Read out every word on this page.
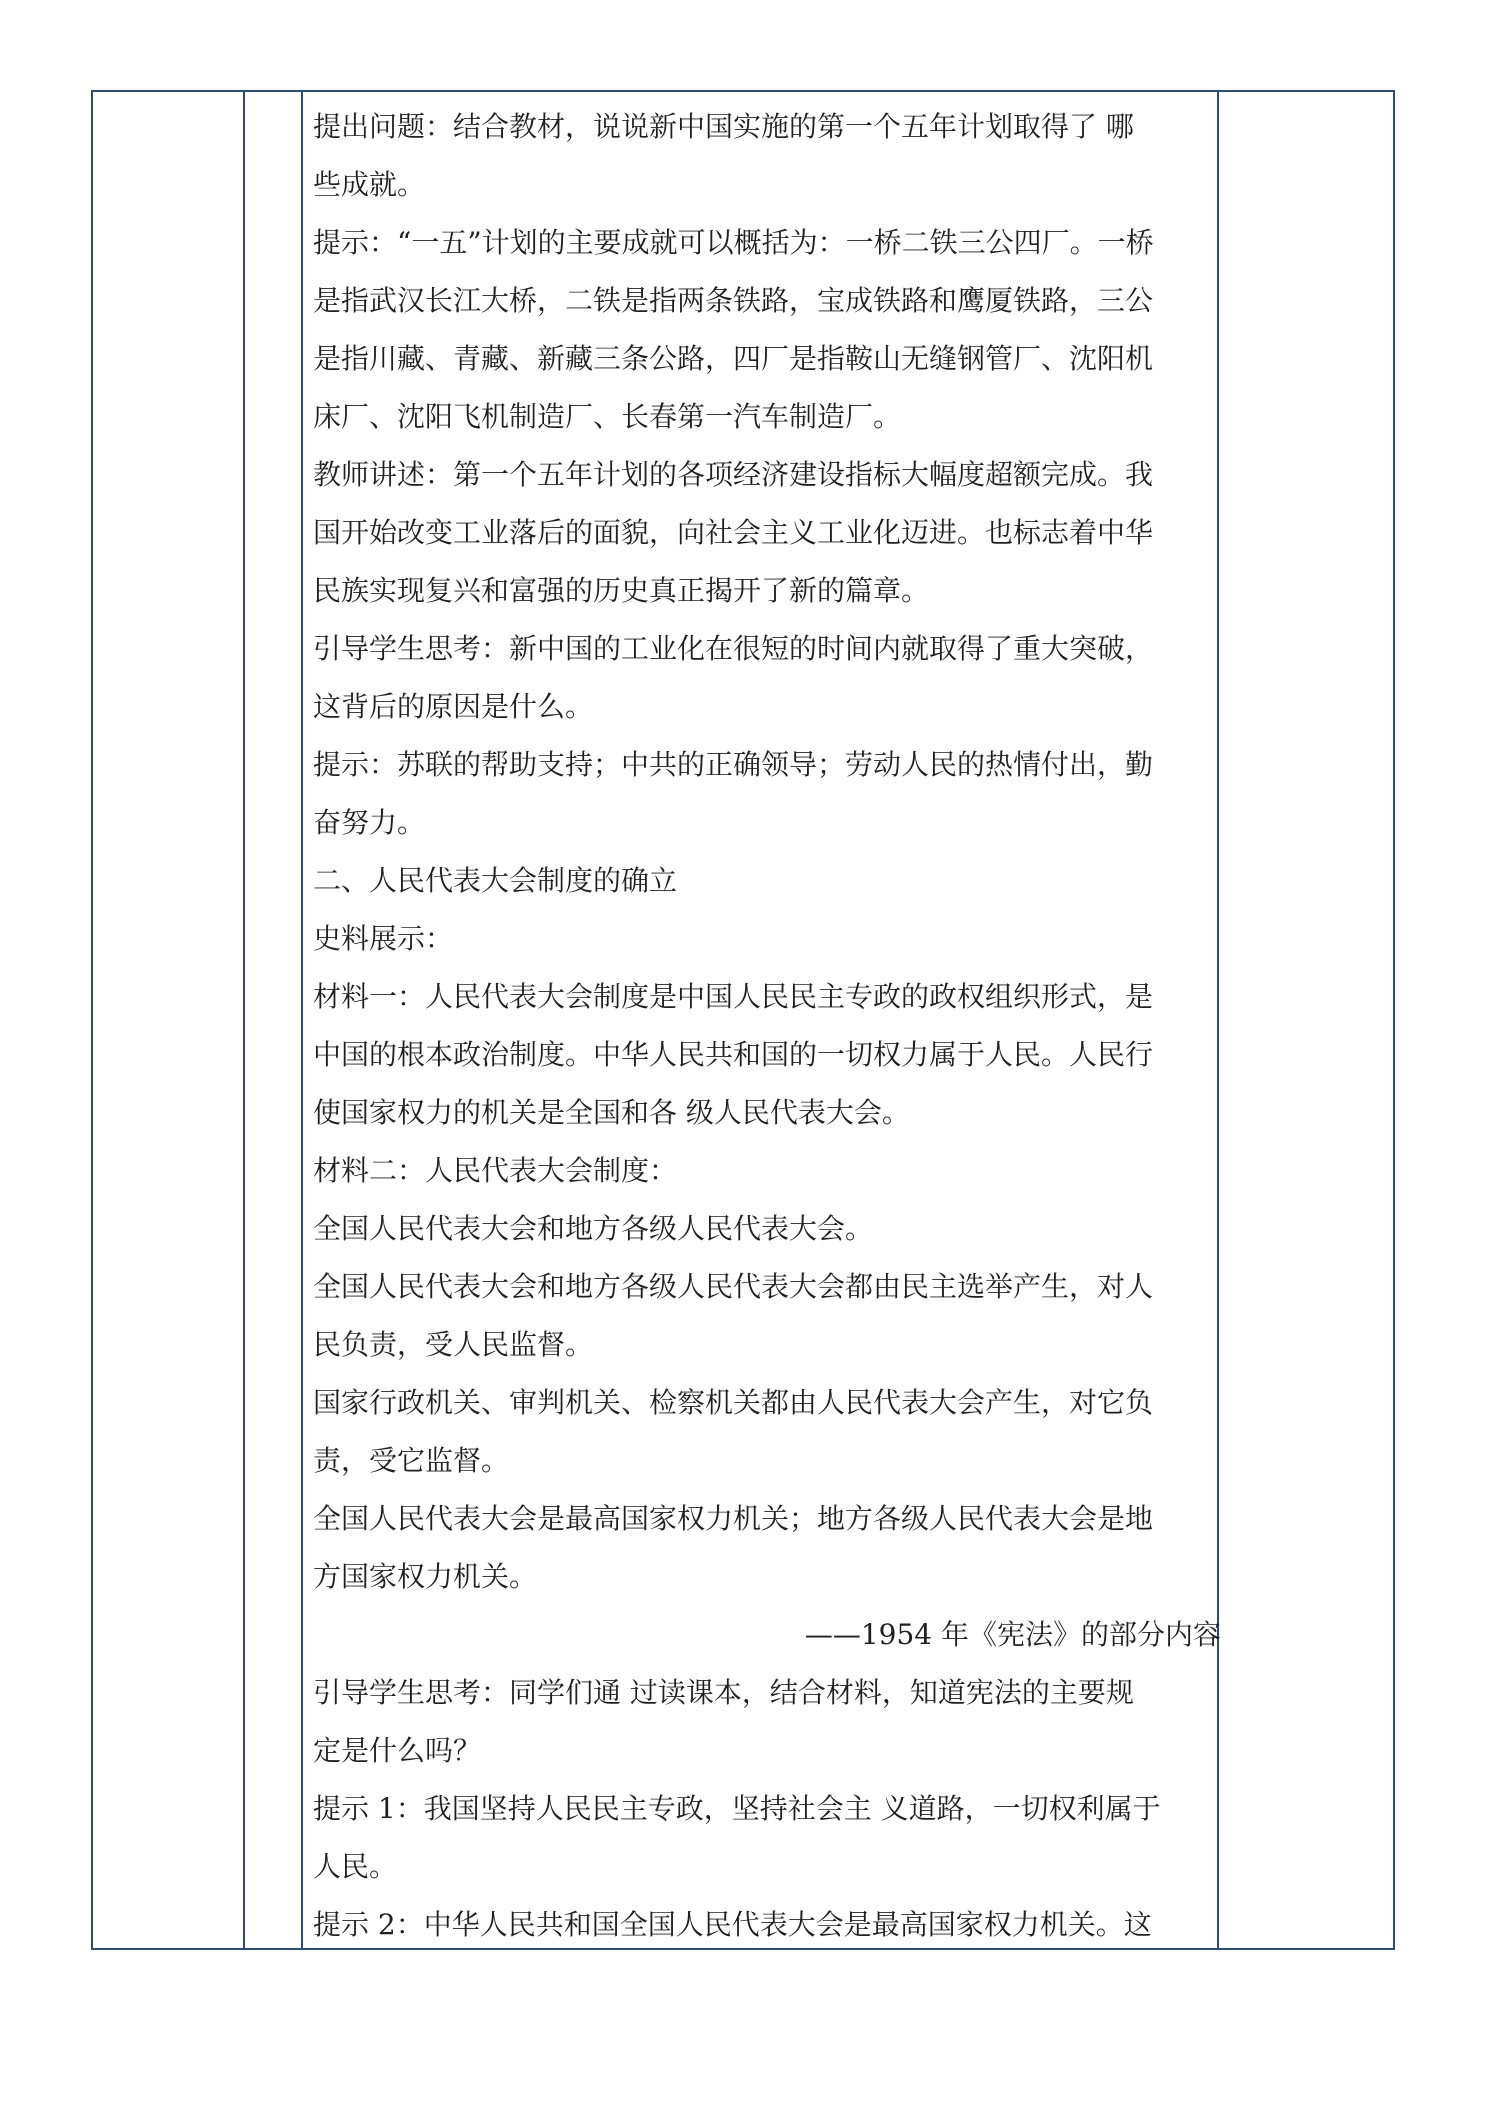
提出问题：结合教材，说说新中国实施的第一个五年计划取得了 哪

些成就。

提示：“一五”计划的主要成就可以概括为：一桥二铁三公四厂。一桥

是指武汉长江大桥，二铁是指两条铁路，宝成铁路和鹰厦铁路，三公

是指川藏、青藏、新藏三条公路，四厂是指鞍山无缝钢管厂、沈阳机

床厂、沈阳飞机制造厂、长春第一汽车制造厂。

教师讲述：第一个五年计划的各项经济建设指标大幅度超额完成。我

国开始改变工业落后的面貌，向社会主义工业化迈进。也标志着中华

民族实现复兴和富强的历史真正揭开了新的篇章。

引导学生思考：新中国的工业化在很短的时间内就取得了重大突破，

这背后的原因是什么。

提示：苏联的帮助支持；中共的正确领导；劳动人民的热情付出，勤

奋努力。

二、人民代表大会制度的确立

史料展示：

材料一：人民代表大会制度是中国人民民主专政的政权组织形式，是

中国的根本政治制度。中华人民共和国的一切权力属于人民。人民行

使国家权力的机关是全国和各 级人民代表大会。

材料二：人民代表大会制度：

全国人民代表大会和地方各级人民代表大会。

全国人民代表大会和地方各级人民代表大会都由民主选举产生，对人

民负责，受人民监督。

国家行政机关、审判机关、检察机关都由人民代表大会产生，对它负

责，受它监督。

全国人民代表大会是最高国家权力机关；地方各级人民代表大会是地

方国家权力机关。

——1954 年《宪法》的部分内容

引导学生思考：同学们通 过读课本，结合材料，知道宪法的主要规

定是什么吗？

提示 1：我国坚持人民民主专政，坚持社会主 义道路，一切权利属于

人民。

提示 2：中华人民共和国全国人民代表大会是最高国家权力机关。这
